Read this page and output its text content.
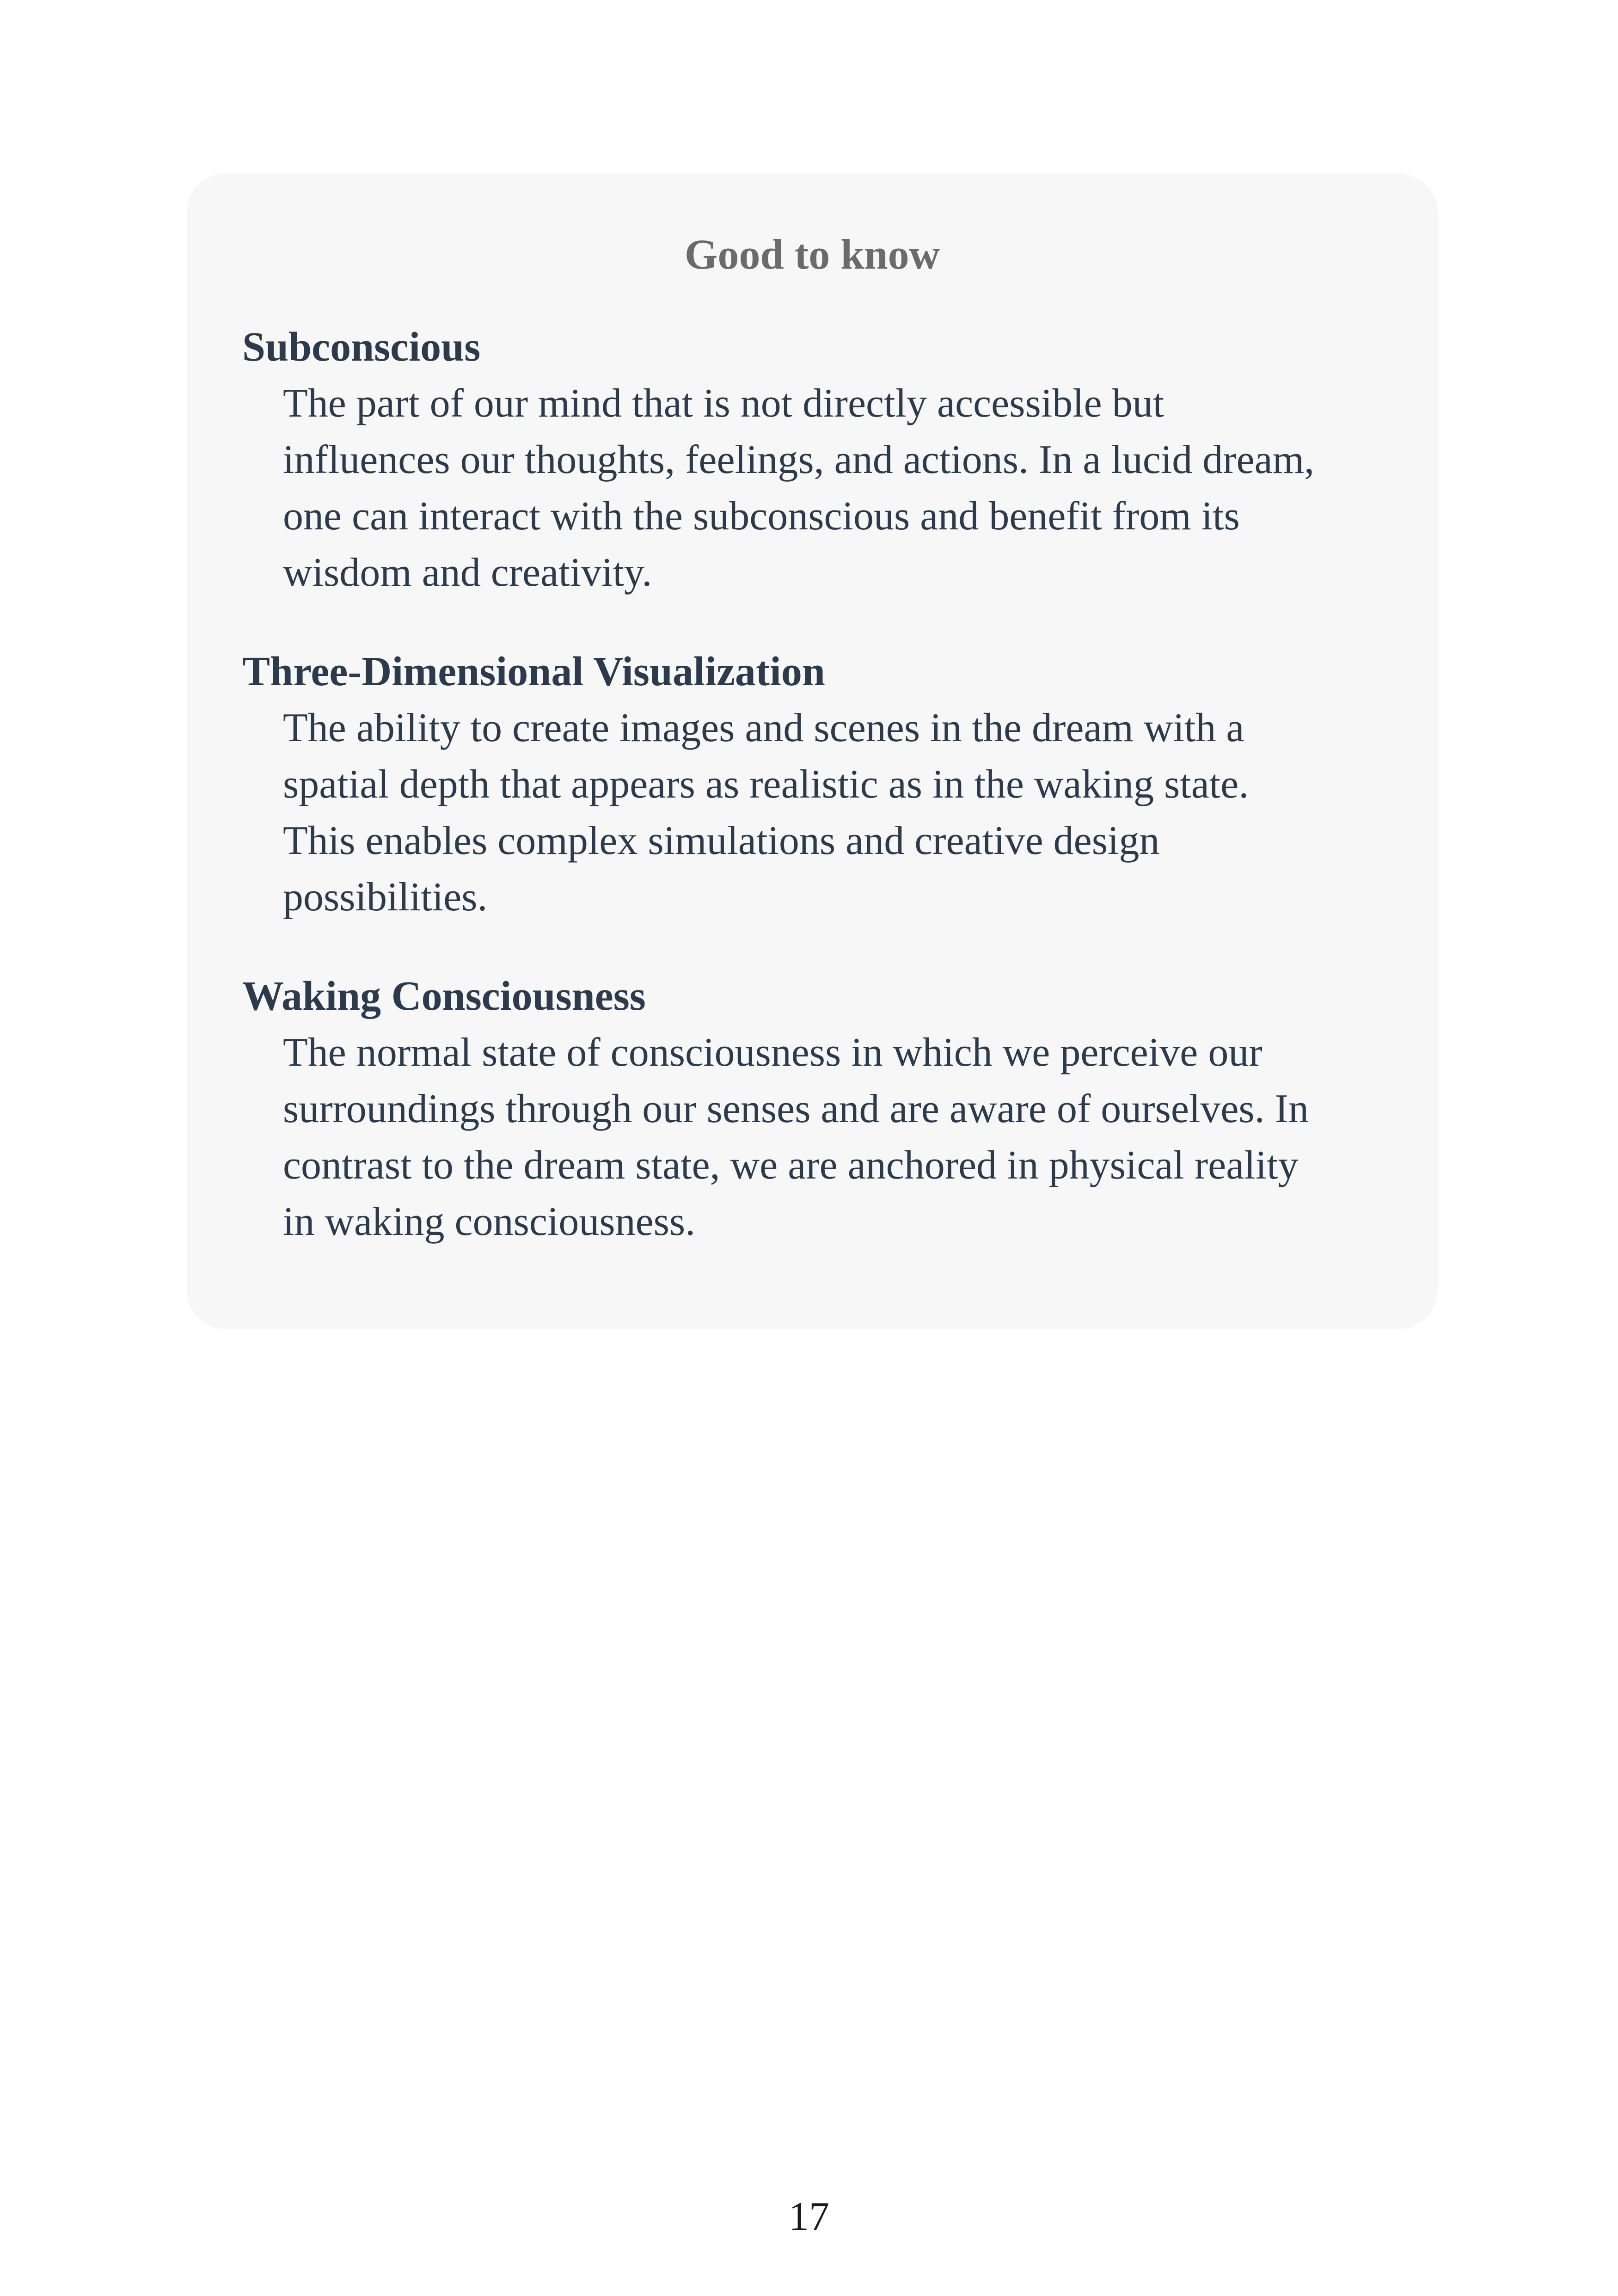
Good to know
Subconscious
The part of our mind that is not directly accessible but
influences our thoughts, feelings, and actions. In a lucid dream,
one can interact with the subconscious and benefit from its
wisdom and creativity.
Three-Dimensional Visualization
The ability to create images and scenes in the dream with a
spatial depth that appears as realistic as in the waking state.
This enables complex simulations and creative design
possibilities.
Waking Consciousness
The normal state of consciousness in which we perceive our
surroundings through our senses and are aware of ourselves. In
contrast to the dream state, we are anchored in physical reality
in waking consciousness.
17
